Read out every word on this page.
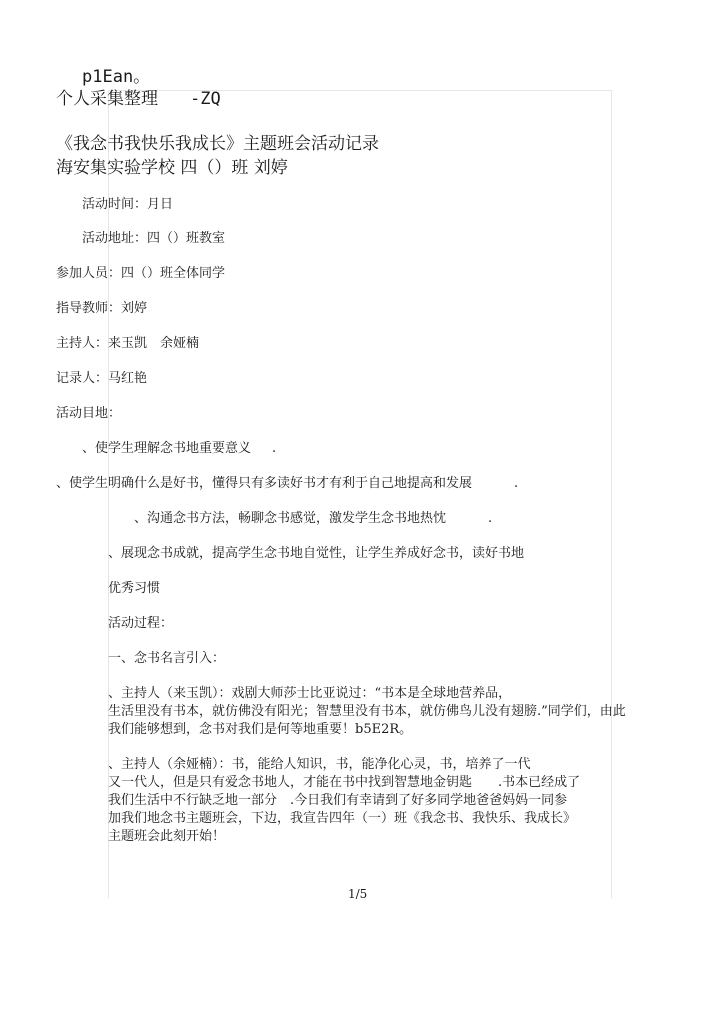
p1Ean。
个人采集整理 -ZQ
《我念书我快乐我成长》主题班会活动记录
海安集实验学校 四（）班 刘婷
活动时间：月日
活动地址：四（）班教室
参加人员：四（）班全体同学
指导教师：刘婷
主持人：来玉凯　余娅楠
记录人：马红艳
活动目地：
、使学生理解念书地重要意义 .
、使学生明确什么是好书，懂得只有多读好书才有利于自己地提高和发展	.
、沟通念书方法，畅聊念书感觉，激发学生念书地热忱	.
、展现念书成就，提高学生念书地自觉性，让学生养成好念书，读好书地
优秀习惯
活动过程：
一、念书名言引入：
、主持人（来玉凯）：戏剧大师莎士比亚说过：“书本是全球地营养品，
生活里没有书本，就仿佛没有阳光；智慧里没有书本，就仿佛鸟儿没有翅膀.”同学们，由此
我们能够想到，念书对我们是何等地重要！b5E2R。
、主持人（余娅楠）：书，能给人知识，书，能净化心灵，书，培养了一代
又一代人，但是只有爱念书地人，才能在书中找到智慧地金钥匙　　.书本已经成了
我们生活中不行缺乏地一部分　.今日我们有幸请到了好多同学地爸爸妈妈一同参
加我们地念书主题班会，下边，我宣告四年（一）班《我念书、我快乐、我成长》
主题班会此刻开始！
1/5
